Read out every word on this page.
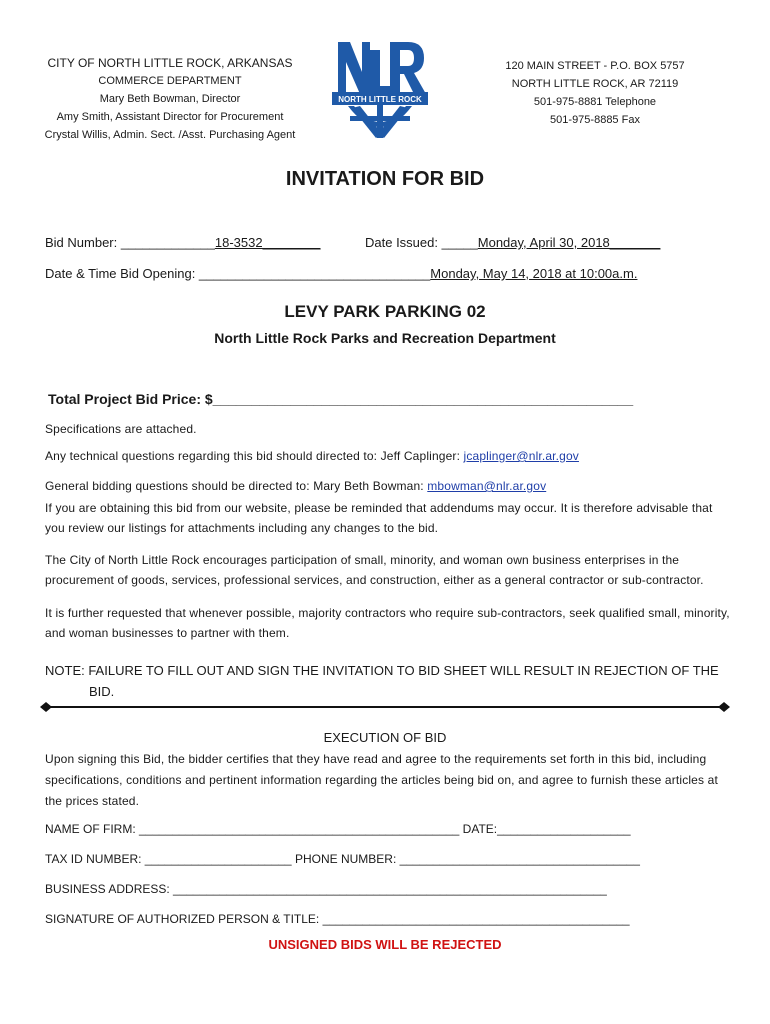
CITY OF NORTH LITTLE ROCK, ARKANSAS
COMMERCE DEPARTMENT
Mary Beth Bowman, Director
Amy Smith, Assistant Director for Procurement
Crystal Willis, Admin. Sect. /Asst. Purchasing Agent
NORTH LITTLE ROCK
120 MAIN STREET - P.O. BOX 5757
NORTH LITTLE ROCK, AR 72119
501-975-8881 Telephone
501-975-8885 Fax
INVITATION FOR BID
Bid Number: _____________18-3532________	Date Issued: _____Monday, April 30, 2018_______
Date & Time Bid Opening: ________________________________Monday, May 14, 2018 at 10:00a.m.
LEVY PARK PARKING 02
North Little Rock Parks and Recreation Department
Total Project Bid Price: $______________________________________________________
Specifications are attached.
Any technical questions regarding this bid should directed to: Jeff Caplinger: jcaplinger@nlr.ar.gov
General bidding questions should be directed to: Mary Beth Bowman: mbowman@nlr.ar.gov
If you are obtaining this bid from our website, please be reminded that addendums may occur. It is therefore advisable that you review our listings for attachments including any changes to the bid.
The City of North Little Rock encourages participation of small, minority, and woman own business enterprises in the procurement of goods, services, professional services, and construction, either as a general contractor or sub-contractor.
It is further requested that whenever possible, majority contractors who require sub-contractors, seek qualified small, minority, and woman businesses to partner with them.
NOTE: FAILURE TO FILL OUT AND SIGN THE INVITATION TO BID SHEET WILL RESULT IN REJECTION OF THE
BID.
EXECUTION OF BID
Upon signing this Bid, the bidder certifies that they have read and agree to the requirements set forth in this bid, including specifications, conditions and pertinent information regarding the articles being bid on, and agree to furnish these articles at the prices stated.
NAME OF FIRM: ________________________________________________ DATE:____________________
TAX ID NUMBER: ______________________ PHONE NUMBER: ____________________________________
BUSINESS ADDRESS: _________________________________________________________________
SIGNATURE OF AUTHORIZED PERSON & TITLE: ______________________________________________
UNSIGNED BIDS WILL BE REJECTED
